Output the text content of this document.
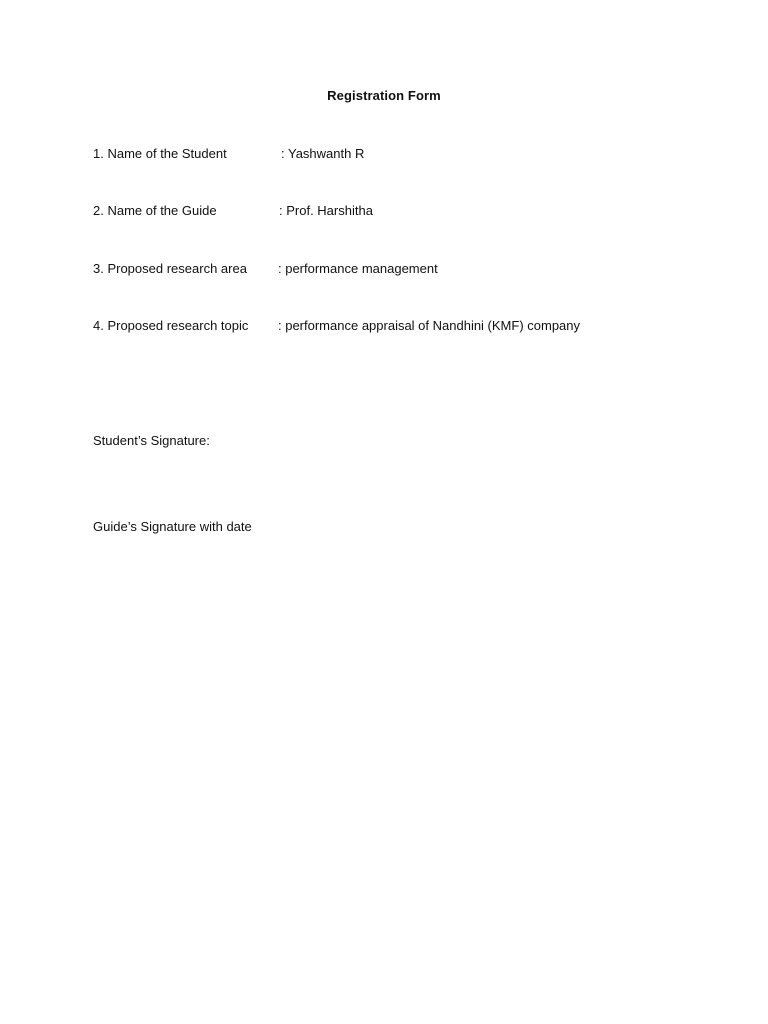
Registration Form
1. Name of the Student	: Yashwanth R
2. Name of the Guide	: Prof. Harshitha
3. Proposed research area : performance management
4. Proposed research topic : performance appraisal of Nandhini (KMF) company
Student’s Signature:
Guide’s Signature with date
